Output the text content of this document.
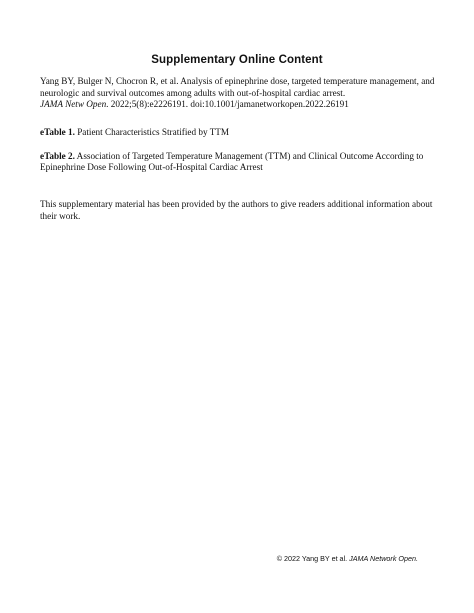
Supplementary Online Content
Yang BY, Bulger N, Chocron R, et al. Analysis of epinephrine dose, targeted temperature management, and neurologic and survival outcomes among adults with out-of-hospital cardiac arrest.
JAMA Netw Open. 2022;5(8):e2226191. doi:10.1001/jamanetworkopen.2022.26191
eTable 1. Patient Characteristics Stratified by TTM
eTable 2. Association of Targeted Temperature Management (TTM) and Clinical Outcome According to Epinephrine Dose Following Out-of-Hospital Cardiac Arrest
This supplementary material has been provided by the authors to give readers additional information about their work.
© 2022 Yang BY et al. JAMA Network Open.
